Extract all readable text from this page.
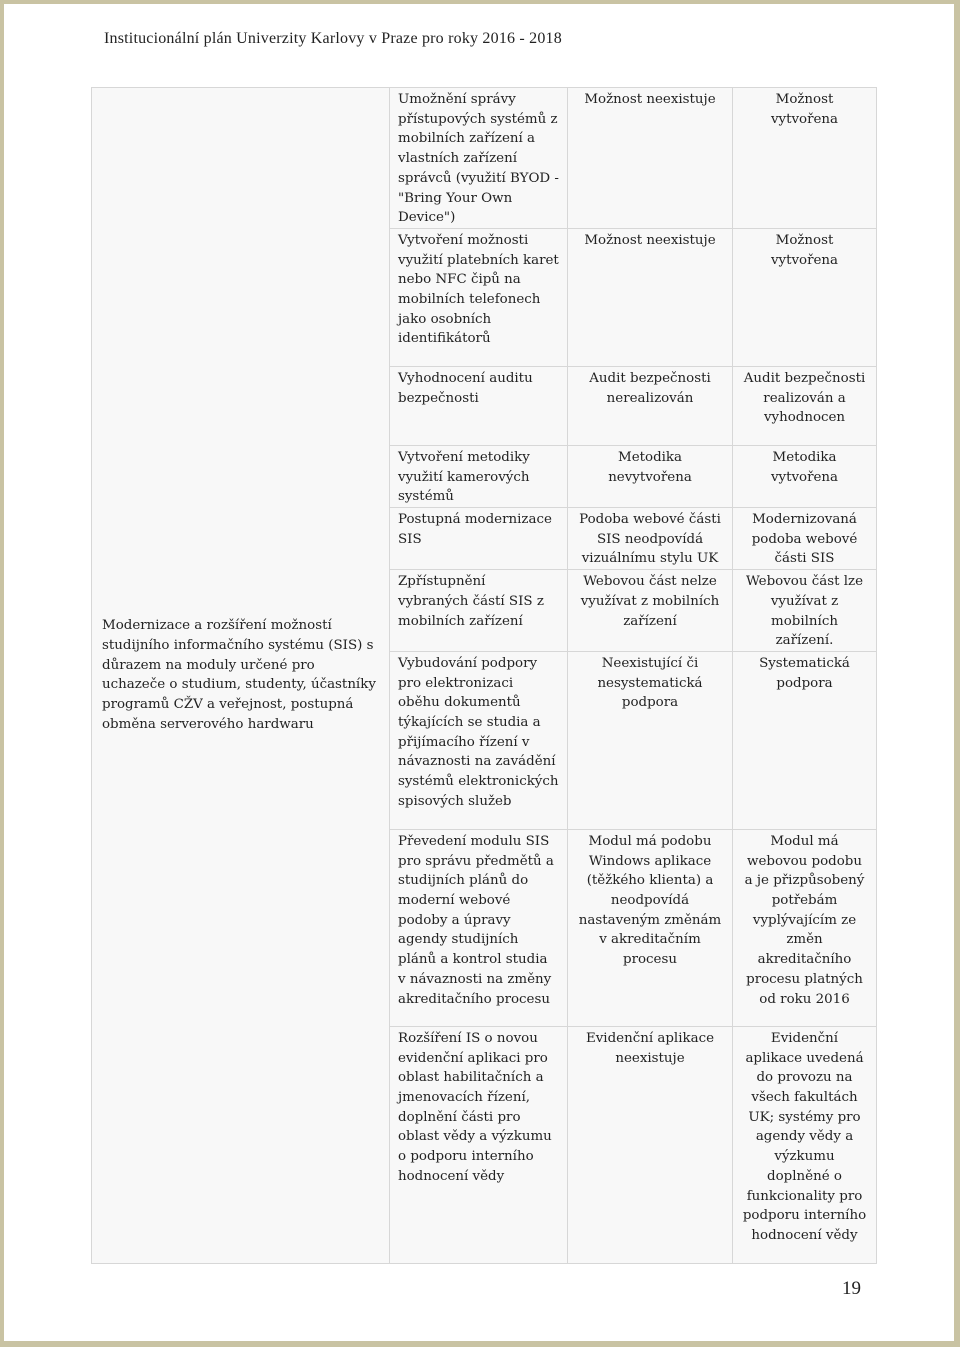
Institucionální plán Univerzity Karlovy v Praze pro roky 2016 - 2018
Modernizace a rozšíření možností studijního informačního systému (SIS) s důrazem na moduly určené pro uchazeče o studium, studenty, účastníky programů CŽV a veřejnost, postupná obměna serverového hardwaru	Umožnění správy přístupových systémů z mobilních zařízení a vlastních zařízení správců (využití BYOD - "Bring Your Own Device")	Možnost neexistuje	Možnost vytvořena

	Vytvoření možnosti využití platebních karet nebo NFC čipů na mobilních telefonech jako osobních identifikátorů	Možnost neexistuje	Možnost vytvořena

	Vyhodnocení auditu bezpečnosti	Audit bezpečnosti nerealizován	Audit bezpečnosti realizován a vyhodnocen

	Vytvoření metodiky využití kamerových systémů	Metodika nevytvořena	Metodika vytvořena

	Postupná modernizace SIS	Podoba webové části SIS neodpovídá vizuálnímu stylu UK	Modernizovaná podoba webové části SIS

	Zpřístupnění vybraných částí SIS z mobilních zařízení	Webovou část nelze využívat z mobilních zařízení	Webovou část lze využívat z mobilních zařízení.

	Vybudování podpory pro elektronizaci oběhu dokumentů týkajících se studia a přijímacího řízení v návaznosti na zavádění systémů elektronických spisových služeb	Neexistující či nesystematická podpora	Systematická podpora

	Převedení modulu SIS pro správu předmětů a studijních plánů do moderní webové podoby a úpravy agendy studijních plánů a kontrol studia v návaznosti na změny akreditačního procesu	Modul má podobu Windows aplikace (těžkého klienta) a neodpovídá nastaveným změnám v akreditačním procesu	Modul má webovou podobu a je přizpůsobený potřebám vyplývajícím ze změn akreditačního procesu platných od roku 2016

	Rozšíření IS o novou evidenční aplikaci pro oblast habilitačních a jmenovacích řízení, doplnění části pro oblast vědy a výzkumu o podporu interního hodnocení vědy	Evidenční aplikace neexistuje	Evidenční aplikace uvedená do provozu na všech fakultách UK; systémy pro agendy vědy a výzkumu doplněné o funkcionality pro podporu interního hodnocení vědy
19
